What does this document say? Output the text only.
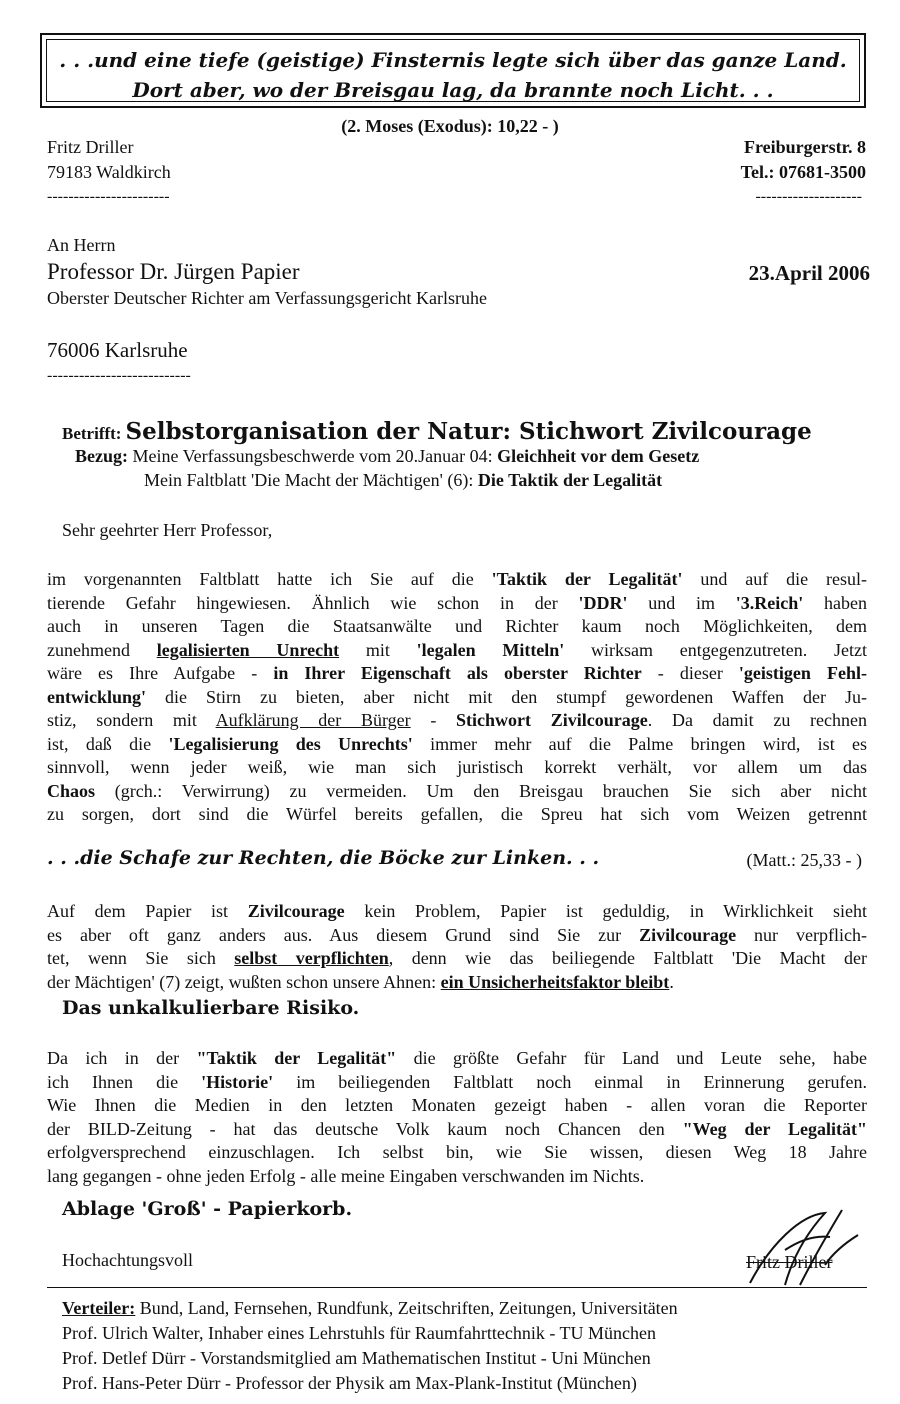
. . .und eine tiefe (geistige) Finsternis legte sich über das ganze Land.
Dort aber, wo der Breisgau lag, da brannte noch Licht. . .
(2. Moses (Exodus): 10,22 - )
Fritz Driller
79183 Waldkirch
-----------------------
Freiburgerstr. 8
Tel.: 07681-3500
--------------------
An Herrn
Professor Dr. Jürgen Papier	23.April 2006
Oberster Deutscher Richter am Verfassungsgericht Karlsruhe
76006 Karlsruhe
---------------------------
Betrifft: Selbstorganisation der Natur: Stichwort Zivilcourage
Bezug: Meine Verfassungsbeschwerde vom 20.Januar 04: Gleichheit vor dem Gesetz
Mein Faltblatt 'Die Macht der Mächtigen' (6): Die Taktik der Legalität
Sehr geehrter Herr Professor,
im vorgenannten Faltblatt hatte ich Sie auf die 'Taktik der Legalität' und auf die resul-
tierende Gefahr hingewiesen. Ähnlich wie schon in der 'DDR' und im '3.Reich' haben
auch in unseren Tagen die Staatsanwälte und Richter kaum noch Möglichkeiten, dem
zunehmend legalisierten Unrecht mit 'legalen Mitteln' wirksam entgegenzutreten. Jetzt
wäre es Ihre Aufgabe - in Ihrer Eigenschaft als oberster Richter - dieser 'geistigen Fehl-
entwicklung' die Stirn zu bieten, aber nicht mit den stumpf gewordenen Waffen der Ju-
stiz, sondern mit Aufklärung der Bürger - Stichwort Zivilcourage. Da damit zu rechnen
ist, daß die 'Legalisierung des Unrechts' immer mehr auf die Palme bringen wird, ist es
sinnvoll, wenn jeder weiß, wie man sich juristisch korrekt verhält, vor allem um das
Chaos (grch.: Verwirrung) zu vermeiden. Um den Breisgau brauchen Sie sich aber nicht
zu sorgen, dort sind die Würfel bereits gefallen, die Spreu hat sich vom Weizen getrennt
. . .die Schafe zur Rechten, die Böcke zur Linken. . .	(Matt.: 25,33 - )
Auf dem Papier ist Zivilcourage kein Problem, Papier ist geduldig, in Wirklichkeit sieht
es aber oft ganz anders aus. Aus diesem Grund sind Sie zur Zivilcourage nur verpflich-
tet, wenn Sie sich selbst verpflichten, denn wie das beiliegende Faltblatt 'Die Macht der
der Mächtigen' (7) zeigt, wußten schon unsere Ahnen: ein Unsicherheitsfaktor bleibt.
Das unkalkulierbare Risiko.
Da ich in der "Taktik der Legalität" die größte Gefahr für Land und Leute sehe, habe
ich Ihnen die 'Historie' im beiliegenden Faltblatt noch einmal in Erinnerung gerufen.
Wie Ihnen die Medien in den letzten Monaten gezeigt haben - allen voran die Reporter
der BILD-Zeitung - hat das deutsche Volk kaum noch Chancen den "Weg der Legalität"
erfolgversprechend einzuschlagen. Ich selbst bin, wie Sie wissen, diesen Weg 18 Jahre
lang gegangen - ohne jeden Erfolg - alle meine Eingaben verschwanden im Nichts.
Ablage 'Groß' - Papierkorb.
Hochachtungsvoll	Fritz Driller
Verteiler: Bund, Land, Fernsehen, Rundfunk, Zeitschriften, Zeitungen, Universitäten
Prof. Ulrich Walter, Inhaber eines Lehrstuhls für Raumfahrttechnik - TU München
Prof. Detlef Dürr - Vorstandsmitglied am Mathematischen Institut - Uni München
Prof. Hans-Peter Dürr - Professor der Physik am Max-Plank-Institut (München)
